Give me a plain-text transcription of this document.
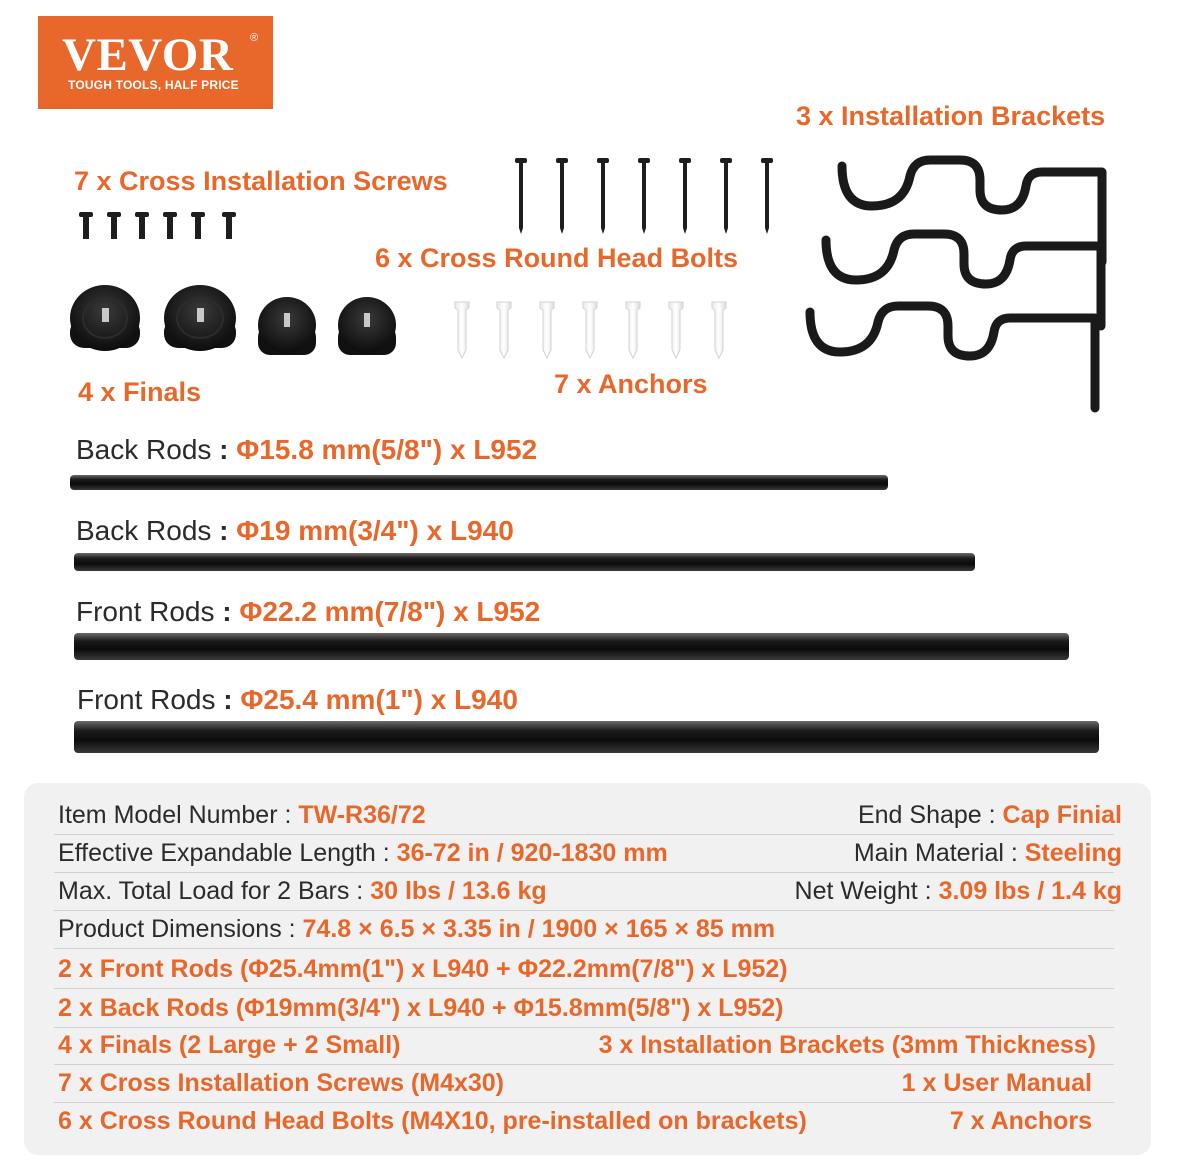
VEVOR ®
TOUGH TOOLS, HALF PRICE
3 x Installation Brackets
7 x Cross Installation Screws
6 x Cross Round Head Bolts
4 x Finals	7 x Anchors
Back Rods : Φ15.8 mm(5/8") x L952
Back Rods : Φ19 mm(3/4") x L940
Front Rods : Φ22.2 mm(7/8") x L952
Front Rods : Φ25.4 mm(1") x L940
Item Model Number : TW-R36/72	End Shape : Cap Finial
Effective Expandable Length : 36-72 in / 920-1830 mm	Main Material : Steeling
Max. Total Load for 2 Bars : 30 lbs / 13.6 kg	Net Weight : 3.09 lbs / 1.4 kg
Product Dimensions : 74.8 × 6.5 × 3.35 in / 1900 × 165 × 85 mm
2 x Front Rods (Φ25.4mm(1") x L940 + Φ22.2mm(7/8") x L952)
2 x Back Rods (Φ19mm(3/4") x L940 + Φ15.8mm(5/8") x L952)
4 x Finals (2 Large + 2 Small)	3 x Installation Brackets (3mm Thickness)
7 x Cross Installation Screws (M4x30)	1 x User Manual
6 x Cross Round Head Bolts (M4X10, pre-installed on brackets)	7 x Anchors
